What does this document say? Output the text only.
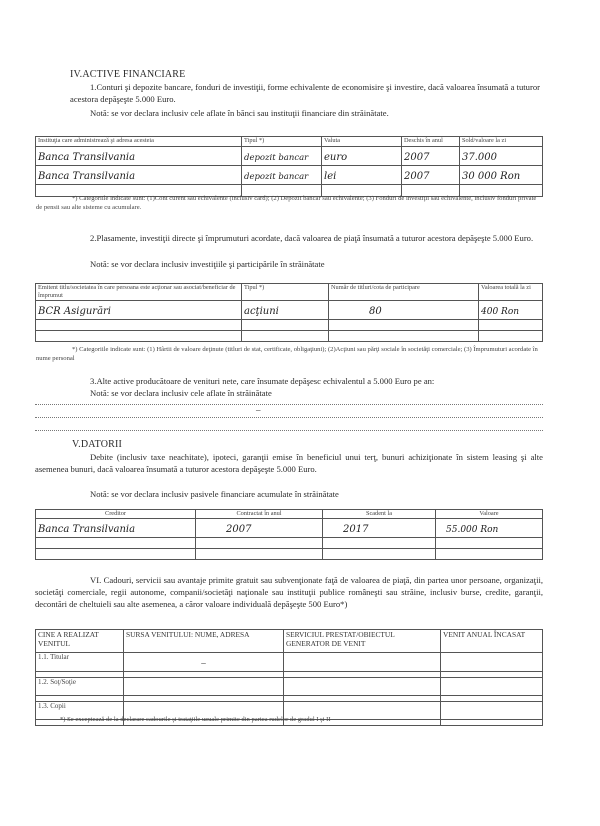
IV.ACTIVE FINANCIARE
1.Conturi şi depozite bancare, fonduri de investiţii, forme echivalente de economisire şi investire, dacă valoarea însumată a tuturor acestora depăşeşte 5.000 Euro.
Notă: se vor declara inclusiv cele aflate în bănci sau instituţii financiare din străinătate.
Instituţia care administrează şi adresa acesteia	Tipul *)	Valuta	Deschis în anul	Sold/valoare la zi
Banca Transilvania	depozit bancar	euro	2007	37.000
Banca Transilvania	depozit bancar	lei	2007	30 000 Ron

*) Categoriile indicate sunt: (1)Cont curent sau echivalente (inclusiv card); (2) Depozit bancar sau echivalente; (3) Fonduri de investiţii sau echivalente, inclusiv fonduri private de pensii sau alte sisteme cu acumulare.
2.Plasamente, investiţii directe şi împrumuturi acordate, dacă valoarea de piaţă însumată a tuturor acestora depăşeşte 5.000 Euro.
Notă: se vor declara inclusiv investiţiile şi participările în străinătate
Emitent titlu/societatea în care persoana este acţionar sau asociat/beneficiar de împrumut	Tipul *)	Număr de titluri/cota de participare	Valoarea totală la zi
BCR Asigurări	acţiuni	80	400 Ron

*) Categoriile indicate sunt: (1) Hârtii de valoare deţinute (titluri de stat, certificate, obligaţiuni); (2)Acţiuni sau părţi sociale în societăţi comerciale; (3) Împrumuturi acordate în nume personal
3.Alte active producătoare de venituri nete, care însumate depăşesc echivalentul a 5.000 Euro pe an:
Notă: se vor declara inclusiv cele aflate în străinătate
–
V.DATORII
Debite (inclusiv taxe neachitate), ipoteci, garanţii emise în beneficiul unui terţ, bunuri achiziţionate în sistem leasing şi alte asemenea bunuri, dacă valoarea însumată a tuturor acestora depăşeşte 5.000 Euro.
Notă: se vor declara inclusiv pasivele financiare acumulate în străinătate
Creditor	Contractat în anul	Scadent la	Valoare
Banca Transilvania	2007	2017	55.000 Ron

VI. Cadouri, servicii sau avantaje primite gratuit sau subvenţionate faţă de valoarea de piaţă, din partea unor persoane, organizaţii, societăţi comerciale, regii autonome, companii/societăţi naţionale sau instituţii publice româneşti sau străine, inclusiv burse, credite, garanţii, decontări de cheltuieli sau alte asemenea, a căror valoare individuală depăşeşte 500 Euro*)
CINE A REALIZAT VENITUL	SURSA VENITULUI: NUME, ADRESA	SERVICIUL PRESTAT/OBIECTUL GENERATOR DE VENIT	VENIT ANUAL ÎNCASAT
1.1. Titular	–		

1.2. Soţ/Soţie			

1.3. Copii			

*) Se exceptează de la declarare cadourile şi trataţiile uzuale primite din partea rudelor de gradul I şi II
